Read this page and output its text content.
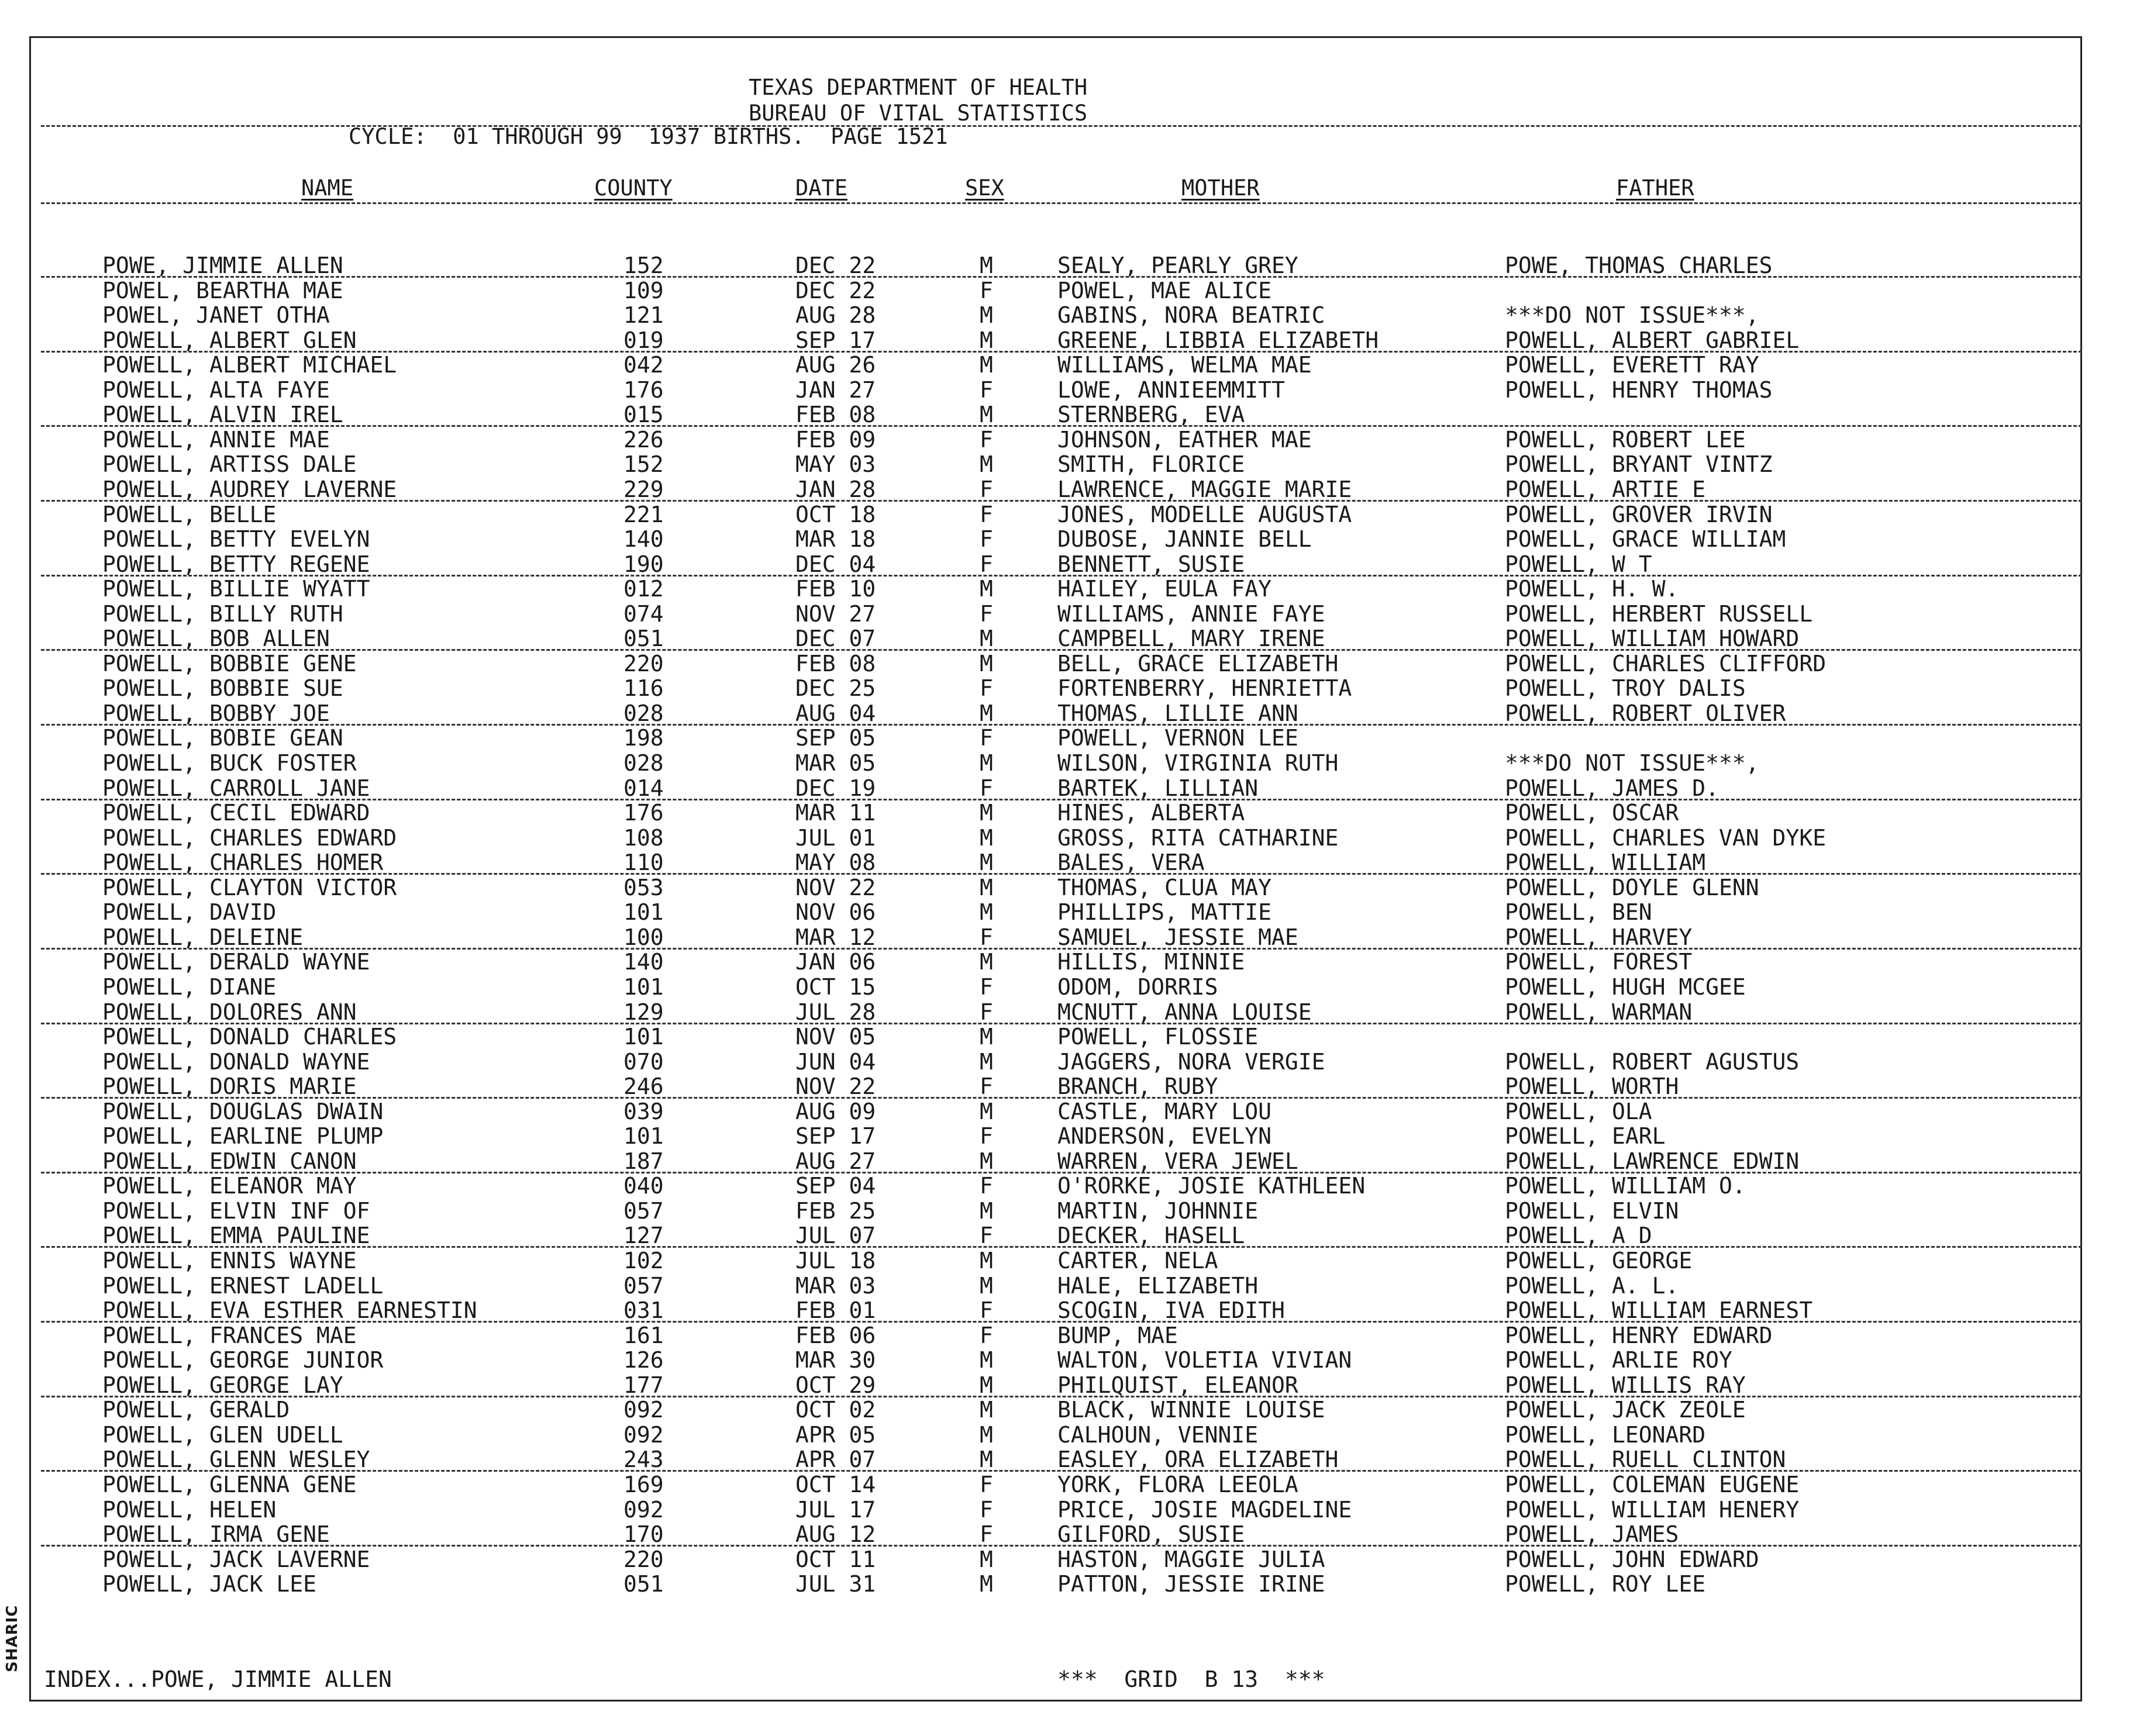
SHARIC
TEXAS DEPARTMENT OF HEALTH
BUREAU OF VITAL STATISTICS
CYCLE:  01 THROUGH 99  1937 BIRTHS.  PAGE 1521
NAME	COUNTY	DATE	SEX	MOTHER	FATHER
POWE, JIMMIE ALLEN	152	DEC 22	M	SEALY, PEARLY GREY	POWE, THOMAS CHARLES
POWEL, BEARTHA MAE	109	DEC 22	F	POWEL, MAE ALICE
POWEL, JANET OTHA	121	AUG 28	M	GABINS, NORA BEATRIC	***DO NOT ISSUE***,
POWELL, ALBERT GLEN	019	SEP 17	M	GREENE, LIBBIA ELIZABETH	POWELL, ALBERT GABRIEL
POWELL, ALBERT MICHAEL	042	AUG 26	M	WILLIAMS, WELMA MAE	POWELL, EVERETT RAY
POWELL, ALTA FAYE	176	JAN 27	F	LOWE, ANNIEEMMITT	POWELL, HENRY THOMAS
POWELL, ALVIN IREL	015	FEB 08	M	STERNBERG, EVA
POWELL, ANNIE MAE	226	FEB 09	F	JOHNSON, EATHER MAE	POWELL, ROBERT LEE
POWELL, ARTISS DALE	152	MAY 03	M	SMITH, FLORICE	POWELL, BRYANT VINTZ
POWELL, AUDREY LAVERNE	229	JAN 28	F	LAWRENCE, MAGGIE MARIE	POWELL, ARTIE E
POWELL, BELLE	221	OCT 18	F	JONES, MODELLE AUGUSTA	POWELL, GROVER IRVIN
POWELL, BETTY EVELYN	140	MAR 18	F	DUBOSE, JANNIE BELL	POWELL, GRACE WILLIAM
POWELL, BETTY REGENE	190	DEC 04	F	BENNETT, SUSIE	POWELL, W T
POWELL, BILLIE WYATT	012	FEB 10	M	HAILEY, EULA FAY	POWELL, H. W.
POWELL, BILLY RUTH	074	NOV 27	F	WILLIAMS, ANNIE FAYE	POWELL, HERBERT RUSSELL
POWELL, BOB ALLEN	051	DEC 07	M	CAMPBELL, MARY IRENE	POWELL, WILLIAM HOWARD
POWELL, BOBBIE GENE	220	FEB 08	M	BELL, GRACE ELIZABETH	POWELL, CHARLES CLIFFORD
POWELL, BOBBIE SUE	116	DEC 25	F	FORTENBERRY, HENRIETTA	POWELL, TROY DALIS
POWELL, BOBBY JOE	028	AUG 04	M	THOMAS, LILLIE ANN	POWELL, ROBERT OLIVER
POWELL, BOBIE GEAN	198	SEP 05	F	POWELL, VERNON LEE
POWELL, BUCK FOSTER	028	MAR 05	M	WILSON, VIRGINIA RUTH	***DO NOT ISSUE***,
POWELL, CARROLL JANE	014	DEC 19	F	BARTEK, LILLIAN	POWELL, JAMES D.
POWELL, CECIL EDWARD	176	MAR 11	M	HINES, ALBERTA	POWELL, OSCAR
POWELL, CHARLES EDWARD	108	JUL 01	M	GROSS, RITA CATHARINE	POWELL, CHARLES VAN DYKE
POWELL, CHARLES HOMER	110	MAY 08	M	BALES, VERA	POWELL, WILLIAM
POWELL, CLAYTON VICTOR	053	NOV 22	M	THOMAS, CLUA MAY	POWELL, DOYLE GLENN
POWELL, DAVID	101	NOV 06	M	PHILLIPS, MATTIE	POWELL, BEN
POWELL, DELEINE	100	MAR 12	F	SAMUEL, JESSIE MAE	POWELL, HARVEY
POWELL, DERALD WAYNE	140	JAN 06	M	HILLIS, MINNIE	POWELL, FOREST
POWELL, DIANE	101	OCT 15	F	ODOM, DORRIS	POWELL, HUGH MCGEE
POWELL, DOLORES ANN	129	JUL 28	F	MCNUTT, ANNA LOUISE	POWELL, WARMAN
POWELL, DONALD CHARLES	101	NOV 05	M	POWELL, FLOSSIE
POWELL, DONALD WAYNE	070	JUN 04	M	JAGGERS, NORA VERGIE	POWELL, ROBERT AGUSTUS
POWELL, DORIS MARIE	246	NOV 22	F	BRANCH, RUBY	POWELL, WORTH
POWELL, DOUGLAS DWAIN	039	AUG 09	M	CASTLE, MARY LOU	POWELL, OLA
POWELL, EARLINE PLUMP	101	SEP 17	F	ANDERSON, EVELYN	POWELL, EARL
POWELL, EDWIN CANON	187	AUG 27	M	WARREN, VERA JEWEL	POWELL, LAWRENCE EDWIN
POWELL, ELEANOR MAY	040	SEP 04	F	O'RORKE, JOSIE KATHLEEN	POWELL, WILLIAM O.
POWELL, ELVIN INF OF	057	FEB 25	M	MARTIN, JOHNNIE	POWELL, ELVIN
POWELL, EMMA PAULINE	127	JUL 07	F	DECKER, HASELL	POWELL, A D
POWELL, ENNIS WAYNE	102	JUL 18	M	CARTER, NELA	POWELL, GEORGE
POWELL, ERNEST LADELL	057	MAR 03	M	HALE, ELIZABETH	POWELL, A. L.
POWELL, EVA ESTHER EARNESTIN	031	FEB 01	F	SCOGIN, IVA EDITH	POWELL, WILLIAM EARNEST
POWELL, FRANCES MAE	161	FEB 06	F	BUMP, MAE	POWELL, HENRY EDWARD
POWELL, GEORGE JUNIOR	126	MAR 30	M	WALTON, VOLETIA VIVIAN	POWELL, ARLIE ROY
POWELL, GEORGE LAY	177	OCT 29	M	PHILQUIST, ELEANOR	POWELL, WILLIS RAY
POWELL, GERALD	092	OCT 02	M	BLACK, WINNIE LOUISE	POWELL, JACK ZEOLE
POWELL, GLEN UDELL	092	APR 05	M	CALHOUN, VENNIE	POWELL, LEONARD
POWELL, GLENN WESLEY	243	APR 07	M	EASLEY, ORA ELIZABETH	POWELL, RUELL CLINTON
POWELL, GLENNA GENE	169	OCT 14	F	YORK, FLORA LEEOLA	POWELL, COLEMAN EUGENE
POWELL, HELEN	092	JUL 17	F	PRICE, JOSIE MAGDELINE	POWELL, WILLIAM HENERY
POWELL, IRMA GENE	170	AUG 12	F	GILFORD, SUSIE	POWELL, JAMES
POWELL, JACK LAVERNE	220	OCT 11	M	HASTON, MAGGIE JULIA	POWELL, JOHN EDWARD
POWELL, JACK LEE	051	JUL 31	M	PATTON, JESSIE IRINE	POWELL, ROY LEE
INDEX...POWE, JIMMIE ALLEN	***  GRID  B 13  ***
